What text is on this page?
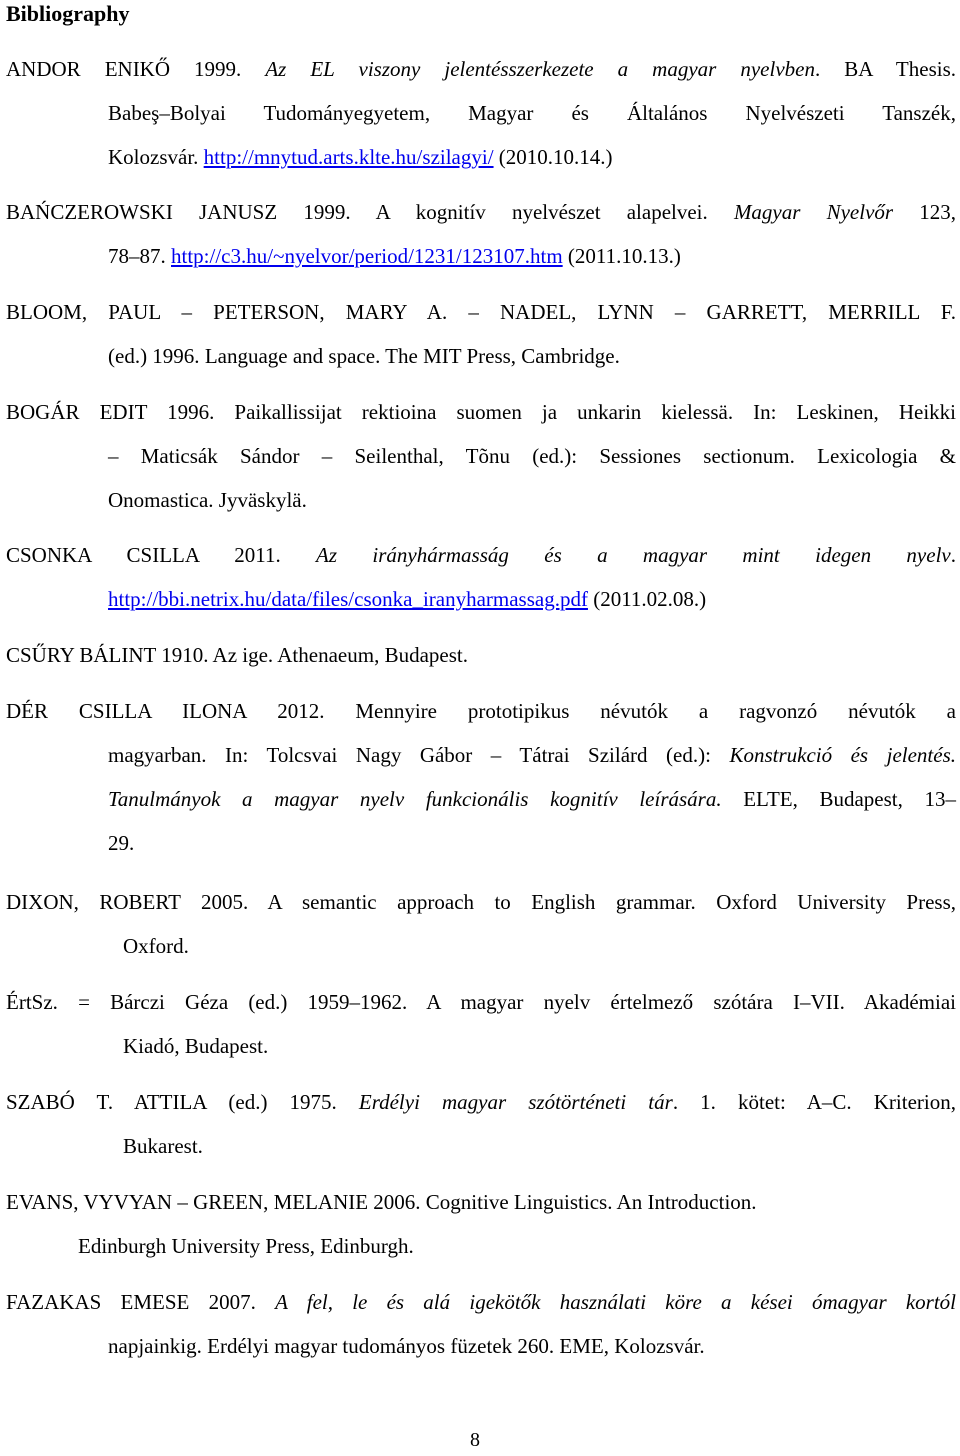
Bibliography
ANDOR ENIKŐ 1999. Az EL viszony jelentésszerkezete a magyar nyelvben. BA Thesis.
Babeş–Bolyai Tudományegyetem, Magyar és Általános Nyelvészeti Tanszék,
Kolozsvár. http://mnytud.arts.klte.hu/szilagyi/ (2010.10.14.)
BAŃCZEROWSKI JANUSZ 1999. A kognitív nyelvészet alapelvei. Magyar Nyelvőr 123,
78–87. http://c3.hu/~nyelvor/period/1231/123107.htm (2011.10.13.)
BLOOM, PAUL – PETERSON, MARY A. – NADEL, LYNN – GARRETT, MERRILL F.
(ed.) 1996. Language and space. The MIT Press, Cambridge.
BOGÁR EDIT 1996. Paikallissijat rektioina suomen ja unkarin kielessä. In: Leskinen, Heikki
– Maticsák Sándor – Seilenthal, Tõnu (ed.): Sessiones sectionum. Lexicologia &
Onomastica. Jyväskylä.
CSONKA CSILLA 2011. Az irányhármasság és a magyar mint idegen nyelv.
http://bbi.netrix.hu/data/files/csonka_iranyharmassag.pdf (2011.02.08.)
CSŰRY BÁLINT 1910. Az ige. Athenaeum, Budapest.
DÉR CSILLA ILONA 2012. Mennyire prototipikus névutók a ragvonzó névutók a
magyarban. In: Tolcsvai Nagy Gábor – Tátrai Szilárd (ed.): Konstrukció és jelentés.
Tanulmányok a magyar nyelv funkcionális kognitív leírására. ELTE, Budapest, 13–
29.
DIXON, ROBERT 2005. A semantic approach to English grammar. Oxford University Press,
Oxford.
ÉrtSz. = Bárczi Géza (ed.) 1959–1962. A magyar nyelv értelmező szótára I–VII. Akadémiai
Kiadó, Budapest.
SZABÓ T. ATTILA (ed.) 1975. Erdélyi magyar szótörténeti tár. 1. kötet: A–C. Kriterion,
Bukarest.
EVANS, VYVYAN – GREEN, MELANIE 2006. Cognitive Linguistics. An Introduction.
Edinburgh University Press, Edinburgh.
FAZAKAS EMESE 2007. A fel, le és alá igekötők használati köre a kései ómagyar kortól
napjainkig. Erdélyi magyar tudományos füzetek 260. EME, Kolozsvár.
8
